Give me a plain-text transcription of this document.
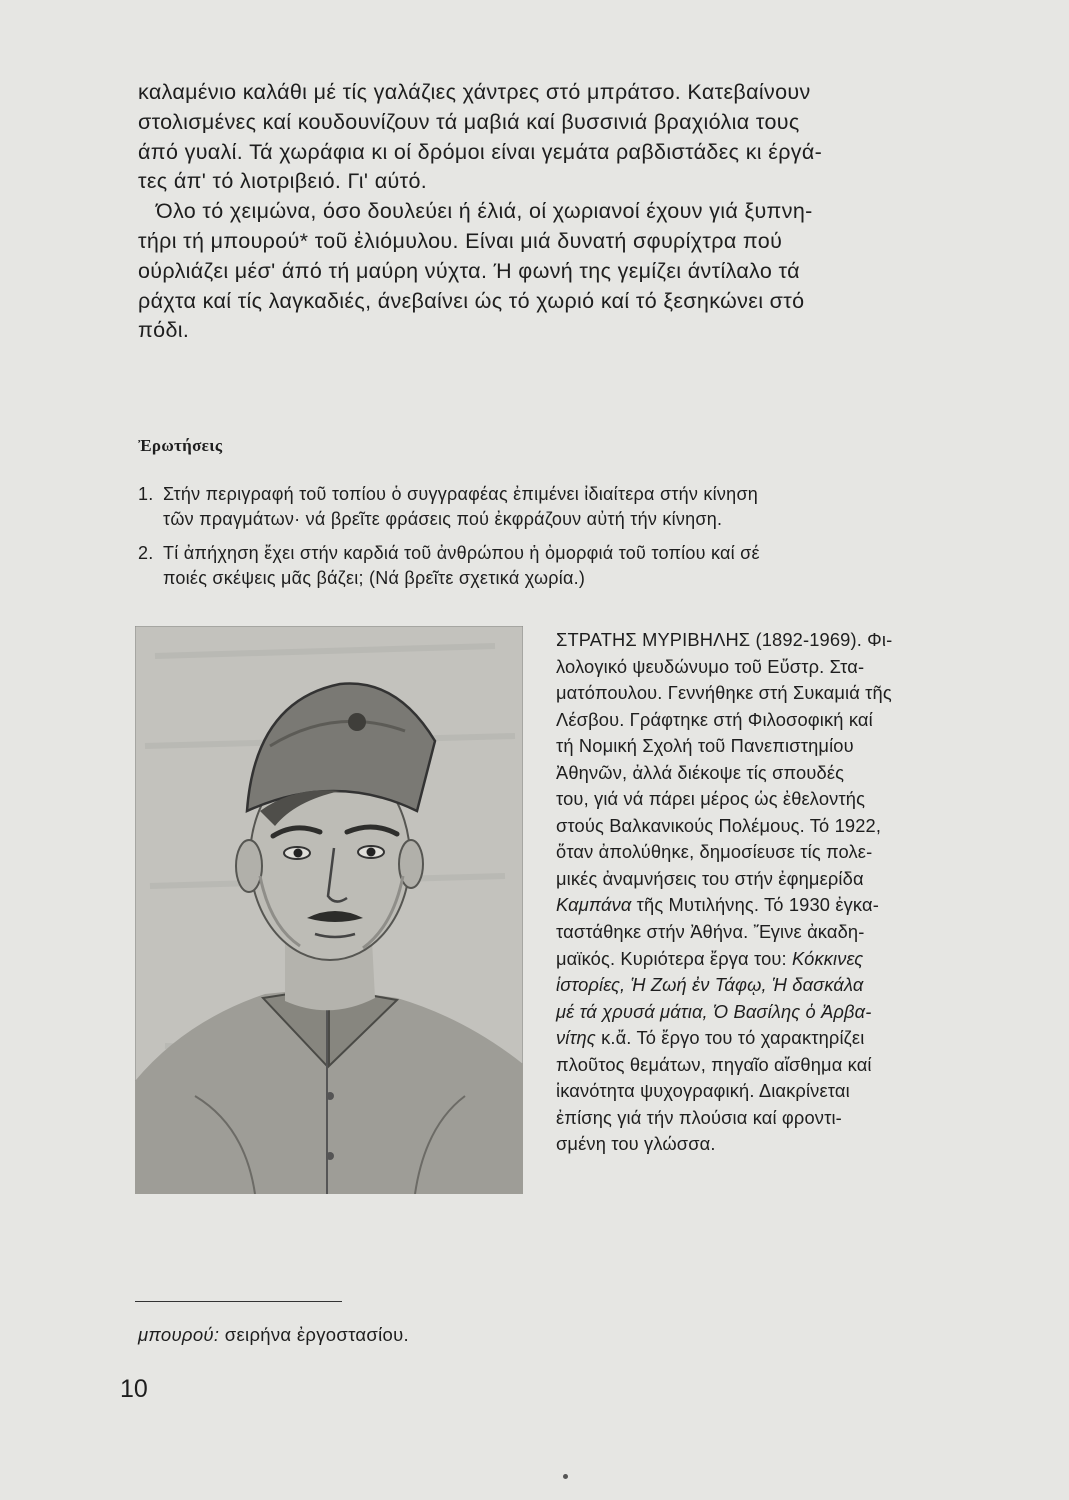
καλαμένιο καλάθι μέ τίς γαλάζιες χάντρες στό μπράτσο. Κατεβαίνουν
στολισμένες καί κουδουνίζουν τά μαβιά καί βυσσινιά βραχιόλια τους
άπό γυαλί. Τά χωράφια κι οί δρόμοι είναι γεμάτα ραβδιστάδες κι έργά-
τες άπ' τό λιοτριβειό. Γι' αύτό.

Όλο τό χειμώνα, όσο δουλεύει ή έλιά, οί χωριανοί έχουν γιά ξυπνη-
τήρι τή μπουρού* τοῦ ἐλιόμυλου. Είναι μιά δυνατή σφυρίχτρα πού
ούρλιάζει μέσ' άπό τή μαύρη νύχτα. Ή φωνή της γεμίζει άντίλαλο τά
ράχτα καί τίς λαγκαδιές, άνεβαίνει ώς τό χωριό καί τό ξεσηκώνει στό
πόδι.

Ἐρωτήσεις
1. Στήν περιγραφή τοῦ τοπίου ὁ συγγραφέας ἐπιμένει ἰδιαίτερα στήν κίνηση
τῶν πραγμάτων· νά βρεῖτε φράσεις πού ἐκφράζουν αὐτή τήν κίνηση.
2. Τί ἀπήχηση ἔχει στήν καρδιά τοῦ ἀνθρώπου ἡ ὀμορφιά τοῦ τοπίου καί σέ
ποιές σκέψεις μᾶς βάζει; (Νά βρεῖτε σχετικά χωρία.)
ΣΤΡΑΤΗΣ ΜΥΡΙΒΗΛΗΣ (1892-1969). Φι-
λολογικό ψευδώνυμο τοῦ Εὔστρ. Στα-
ματόπουλου. Γεννήθηκε στή Συκαμιά τῆς
Λέσβου. Γράφτηκε στή Φιλοσοφική καί
τή Νομική Σχολή τοῦ Πανεπιστημίου
Ἀθηνῶν, ἀλλά διέκοψε τίς σπουδές
του, γιά νά πάρει μέρος ὡς ἐθελοντής
στούς Βαλκανικούς Πολέμους. Τό 1922,
ὅταν ἀπολύθηκε, δημοσίευσε τίς πολε-
μικές ἀναμνήσεις του στήν ἐφημερίδα
Καμπάνα τῆς Μυτιλήνης. Τό 1930 ἐγκα-
ταστάθηκε στήν Ἀθήνα. Ἔγινε ἀκαδη-
μαϊκός. Κυριότερα ἔργα του: Κόκκινες
ἱστορίες, Ἡ Ζωή ἐν Τάφῳ, Ἡ δασκάλα
μέ τά χρυσά μάτια, Ὁ Βασίλης ὁ Ἀρβα-
νίτης κ.ἄ. Τό ἔργο του τό χαρακτηρίζει
πλοῦτος θεμάτων, πηγαῖο αἴσθημα καί
ἱκανότητα ψυχογραφική. Διακρίνεται
ἐπίσης γιά τήν πλούσια καί φροντι-
σμένη του γλώσσα.
μπουρού: σειρήνα ἐργοστασίου.
10
